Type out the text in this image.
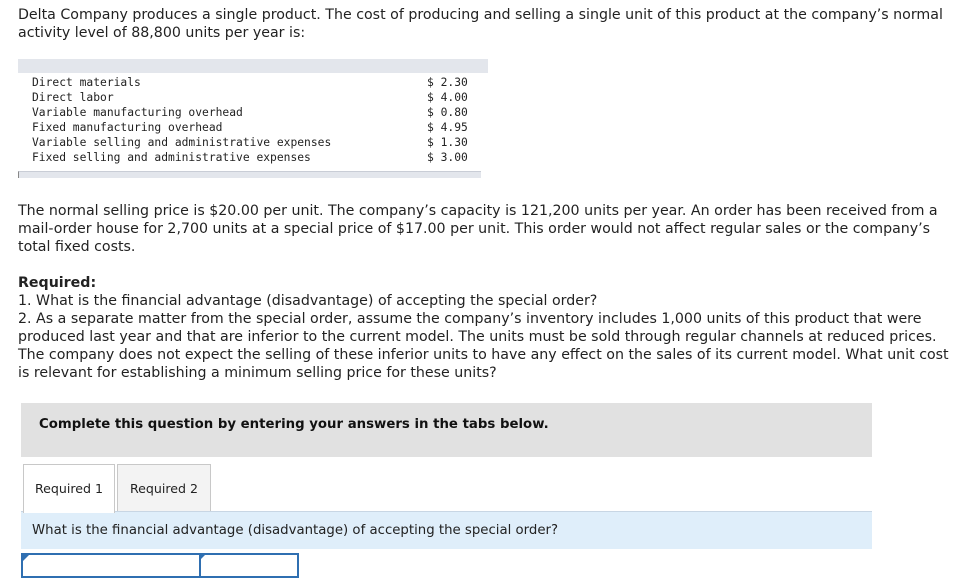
Delta Company produces a single product. The cost of producing and selling a single unit of this product at the company’s normal activity level of 88,800 units per year is:

Direct materials		$ 2.30

Direct labor		$ 4.00

Variable manufacturing overhead		$ 0.80

Fixed manufacturing overhead		$ 4.95

Variable selling and administrative expenses		$ 1.30

Fixed selling and administrative expenses		$ 3.00

The normal selling price is $20.00 per unit. The company’s capacity is 121,200 units per year. An order has been received from a mail-order house for 2,700 units at a special price of $17.00 per unit. This order would not affect regular sales or the company’s total fixed costs.

Required:
1. What is the financial advantage (disadvantage) of accepting the special order?
2. As a separate matter from the special order, assume the company’s inventory includes 1,000 units of this product that were produced last year and that are inferior to the current model. The units must be sold through regular channels at reduced prices. The company does not expect the selling of these inferior units to have any effect on the sales of its current model. What unit cost is relevant for establishing a minimum selling price for these units?
Complete this question by entering your answers in the tabs below.
Required 1	Required 2
What is the financial advantage (disadvantage) of accepting the special order?
